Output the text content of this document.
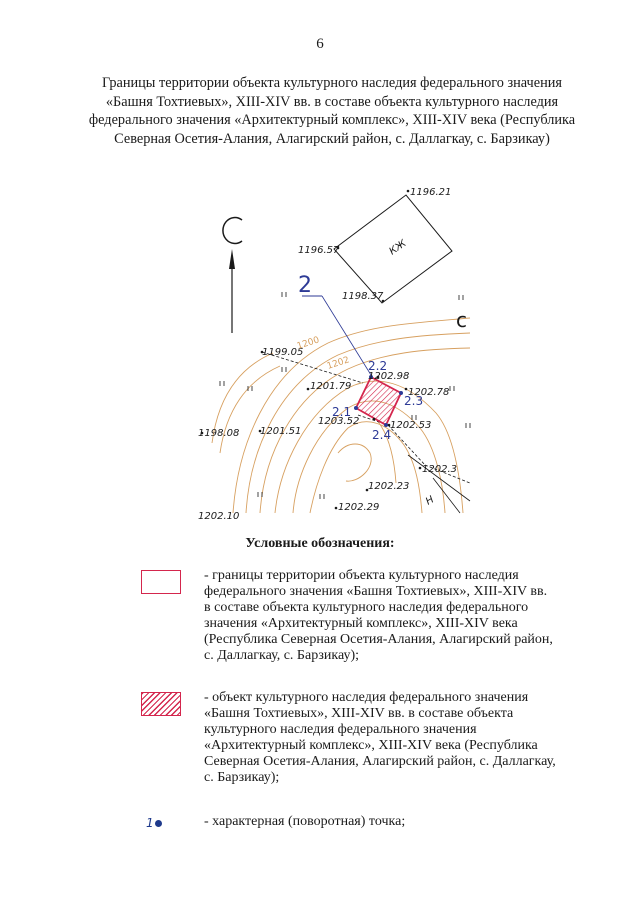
6
Границы территории объекта культурного наследия федерального значения
«Башня Тохтиевых», XIII-XIV вв. в составе объекта культурного наследия
федерального значения «Архитектурный комплекс», XIII-XIV века (Республика
Северная Осетия-Алания, Алагирский район, с. Даллагкау, с. Барзикау)
КЖ
2
Н
2.1
2.2
2.3
2.4
1196.21
1196.57
1198.37
1199.05
1201.79
1202.98
1202.78
1203.52	1202.53
1198.08 1201.51
1202.3
1202.23
1202.29
1202.10
1200
1202
с
Условные обозначения:
- границы территории объекта культурного наследия
федерального значения «Башня Тохтиевых», XIII-XIV вв.
в составе объекта культурного наследия федерального
значения «Архитектурный комплекс», XIII-XIV века
(Республика Северная Осетия-Алания, Алагирский район,
с. Даллагкау, с. Барзикау);
- объект культурного наследия федерального значения
«Башня Тохтиевых», XIII-XIV вв. в составе объекта
культурного наследия федерального значения
«Архитектурный комплекс», XIII-XIV века (Республика
Северная Осетия-Алания, Алагирский район, с. Даллагкау,
с. Барзикау);
1	- характерная (поворотная) точка;
